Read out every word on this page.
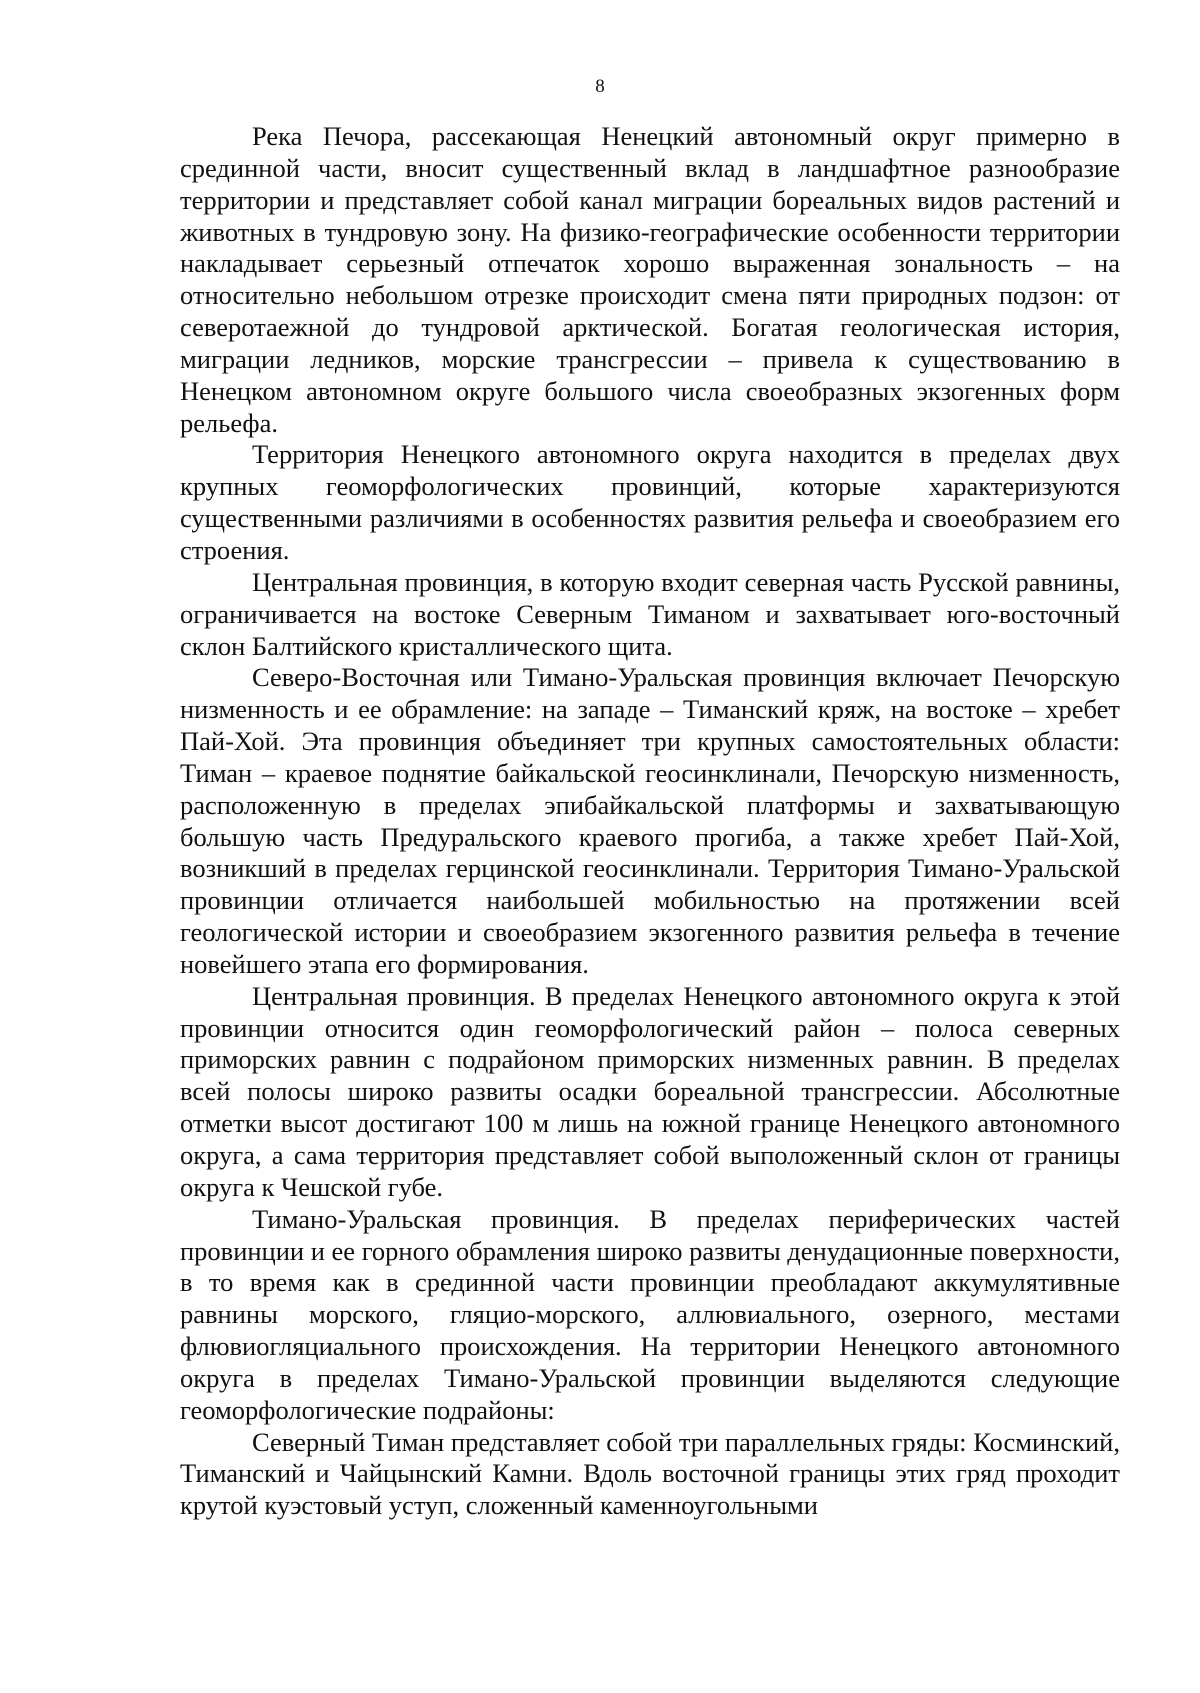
8

Река Печора, рассекающая Ненецкий автономный округ примерно в срединной части, вносит существенный вклад в ландшафтное разнообразие территории и представляет собой канал миграции бореальных видов растений и животных в тундровую зону. На физико-географические особенности территории накладывает серьезный отпечаток хорошо выраженная зональность – на относительно небольшом отрезке происходит смена пяти природных подзон: от северотаежной до тундровой арктической. Богатая геологическая история, миграции ледников, морские трансгрессии – привела к существованию в Ненецком автономном округе большого числа своеобразных экзогенных форм рельефа.

Территория Ненецкого автономного округа находится в пределах двух крупных геоморфологических провинций, которые характеризуются существенными различиями в особенностях развития рельефа и своеобразием его строения.

Центральная провинция, в которую входит северная часть Русской равнины, ограничивается на востоке Северным Тиманом и захватывает юго-восточный склон Балтийского кристаллического щита.

Северо-Восточная или Тимано-Уральская провинция включает Печорскую низменность и ее обрамление: на западе – Тиманский кряж, на востоке – хребет Пай-Хой. Эта провинция объединяет три крупных самостоятельных области: Тиман – краевое поднятие байкальской геосинклинали, Печорскую низменность, расположенную в пределах эпибайкальской платформы и захватывающую большую часть Предуральского краевого прогиба, а также хребет Пай-Хой, возникший в пределах герцинской геосинклинали. Территория Тимано-Уральской провинции отличается наибольшей мобильностью на протяжении всей геологической истории и своеобразием экзогенного развития рельефа в течение новейшего этапа его формирования.

Центральная провинция. В пределах Ненецкого автономного округа к этой провинции относится один геоморфологический район – полоса северных приморских равнин с подрайоном приморских низменных равнин. В пределах всей полосы широко развиты осадки бореальной трансгрессии. Абсолютные отметки высот достигают 100 м лишь на южной границе Ненецкого автономного округа, а сама территория представляет собой выположенный склон от границы округа к Чешской губе.

Тимано-Уральская провинция. В пределах периферических частей провинции и ее горного обрамления широко развиты денудационные поверхности, в то время как в срединной части провинции преобладают аккумулятивные равнины морского, гляцио-морского, аллювиального, озерного, местами флювиогляциального происхождения. На территории Ненецкого автономного округа в пределах Тимано-Уральской провинции выделяются следующие геоморфологические подрайоны:

Северный Тиман представляет собой три параллельных гряды: Косминский, Тиманский и Чайцынский Камни. Вдоль восточной границы этих гряд проходит крутой куэстовый уступ, сложенный каменноугольными
